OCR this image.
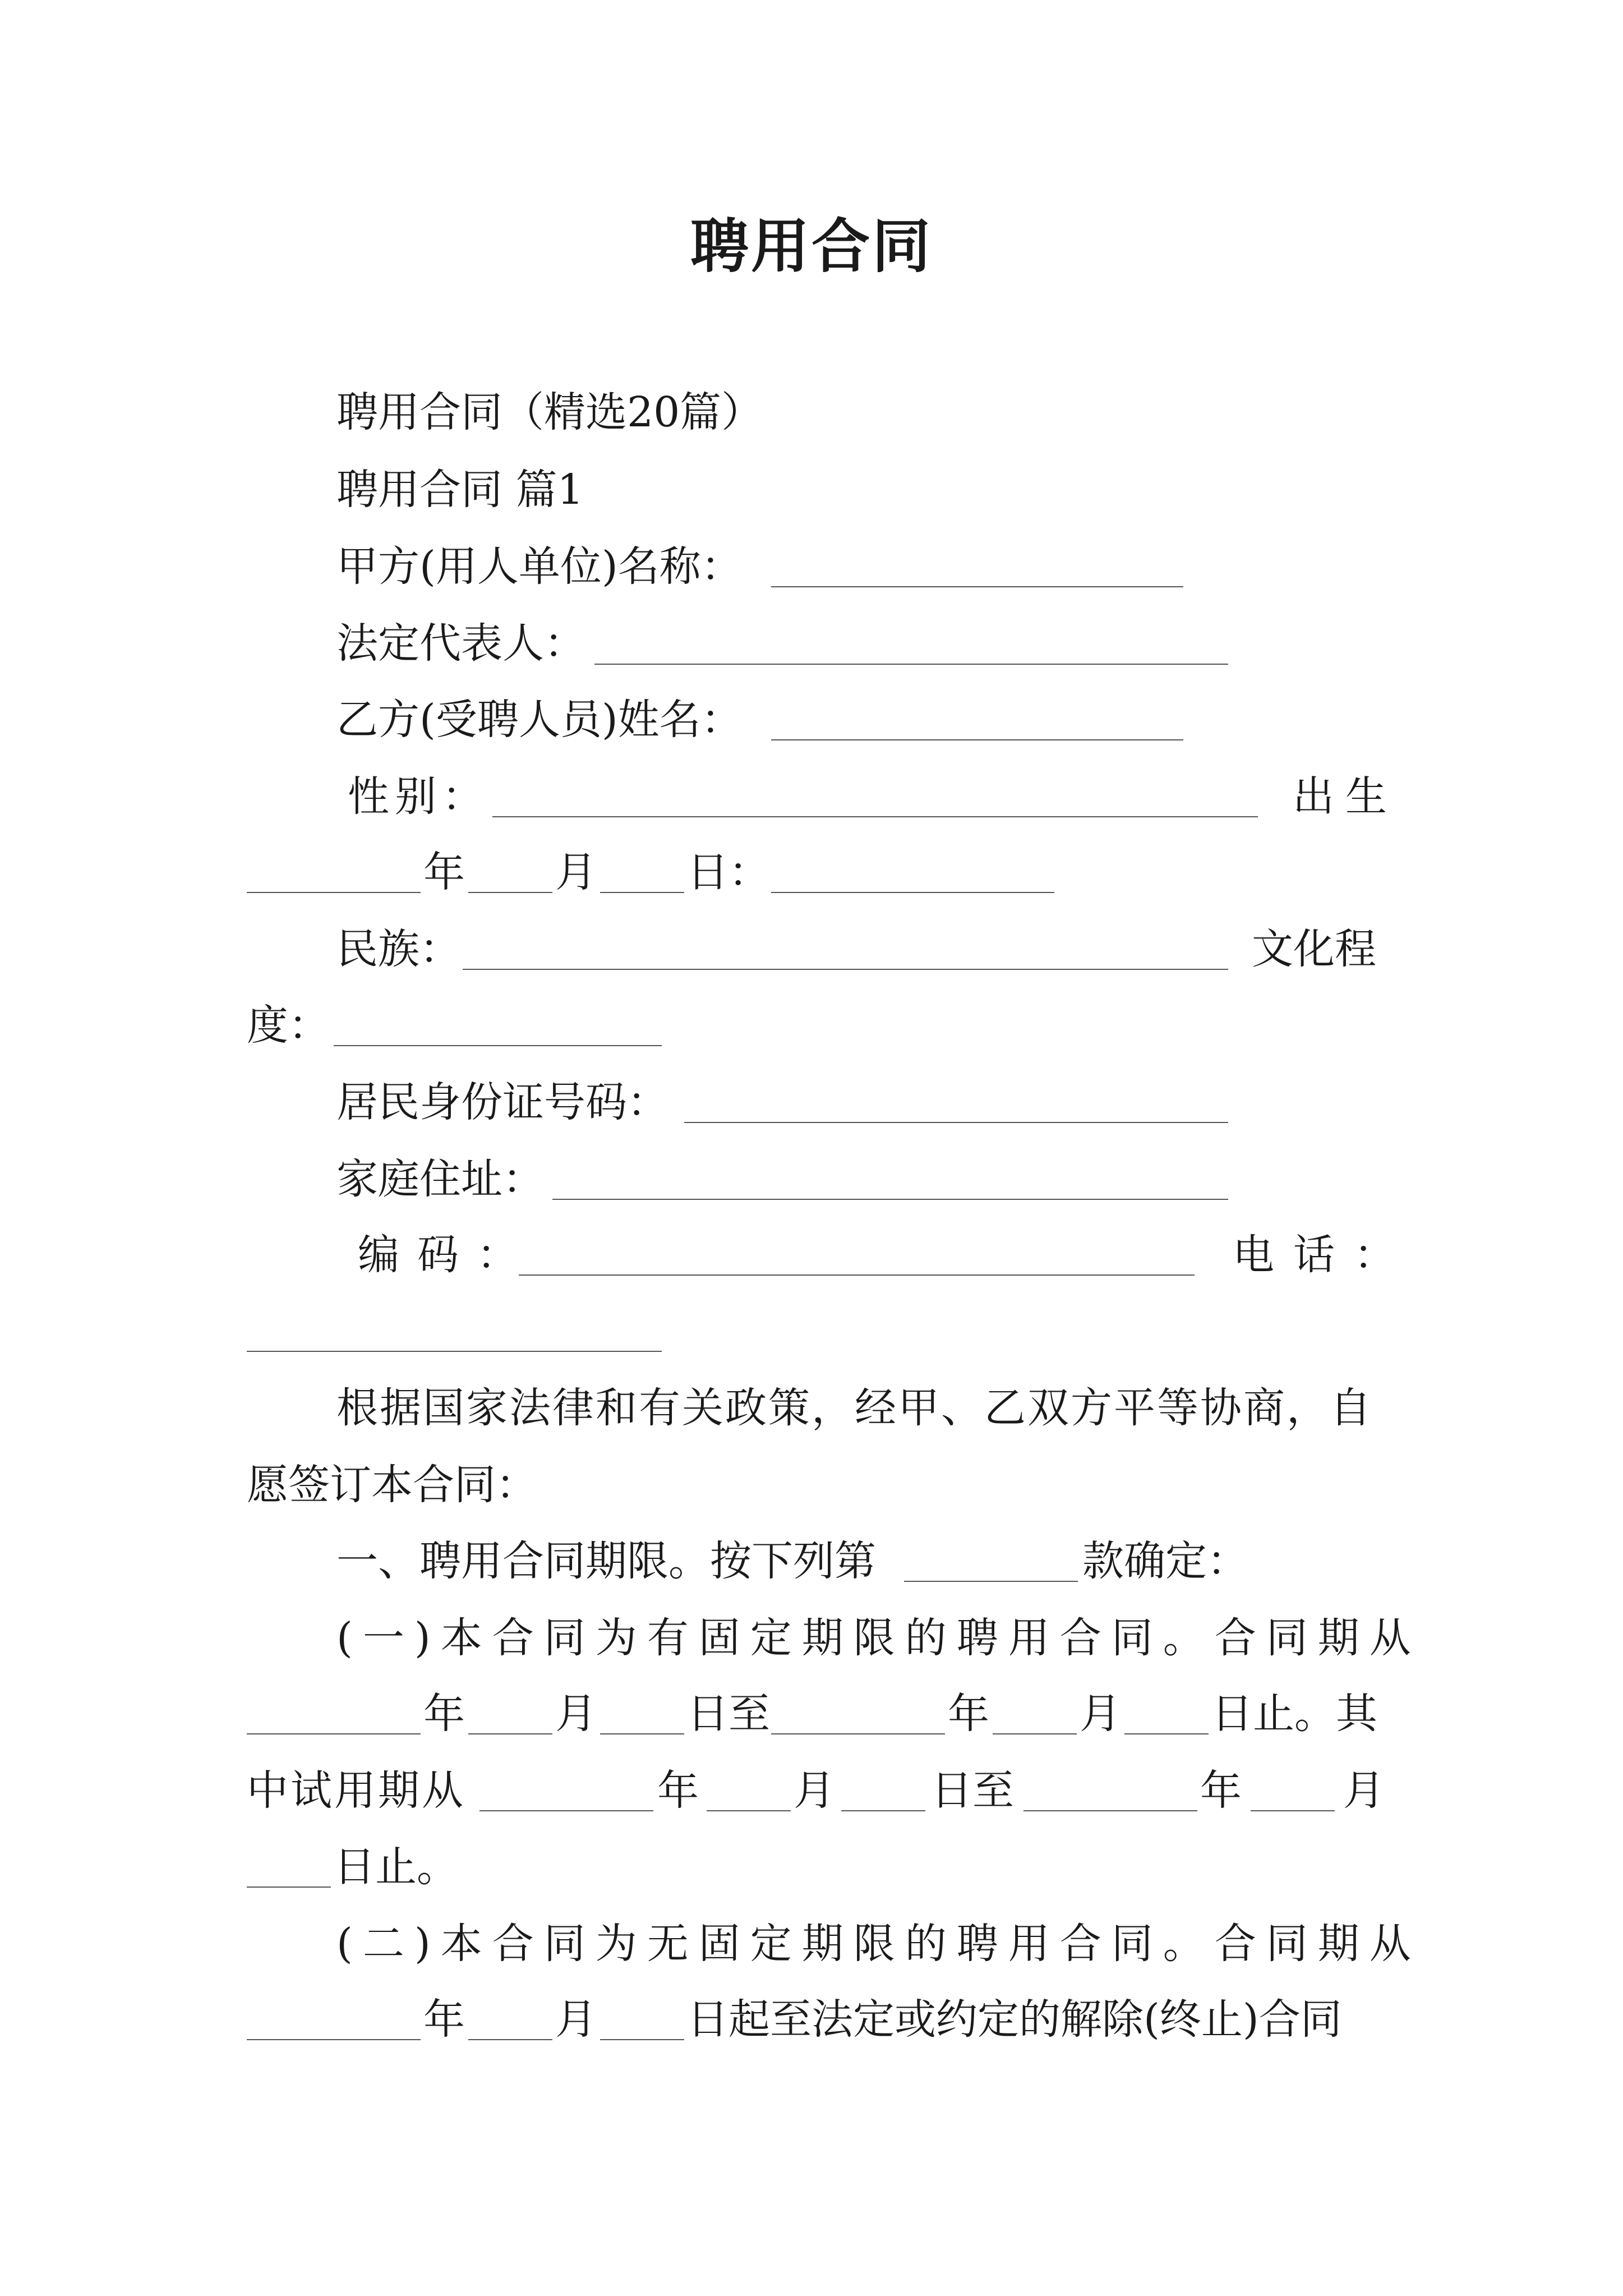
聘用合同
聘用合同（精选20篇）
聘用合同 篇1
甲方(用人单位)名称：
法定代表人：
乙方(受聘人员)姓名：
性别：	出生
年 月 日：
民族：	文化程
度：
居民身份证号码：
家庭住址：
编码：	电话：
根据国家法律和有关政策，经甲、乙双方平等协商，自
愿签订本合同：
一、聘用合同期限。按下列第	款确定：
(一)本合同为有固定期限的聘用合同。合同期从
年 月 日至	年 月 日止。其
中试用期从	年 月 日至	年 月
日止。
(二)本合同为无固定期限的聘用合同。合同期从
年 月 日起至法定或约定的解除(终止)合同
